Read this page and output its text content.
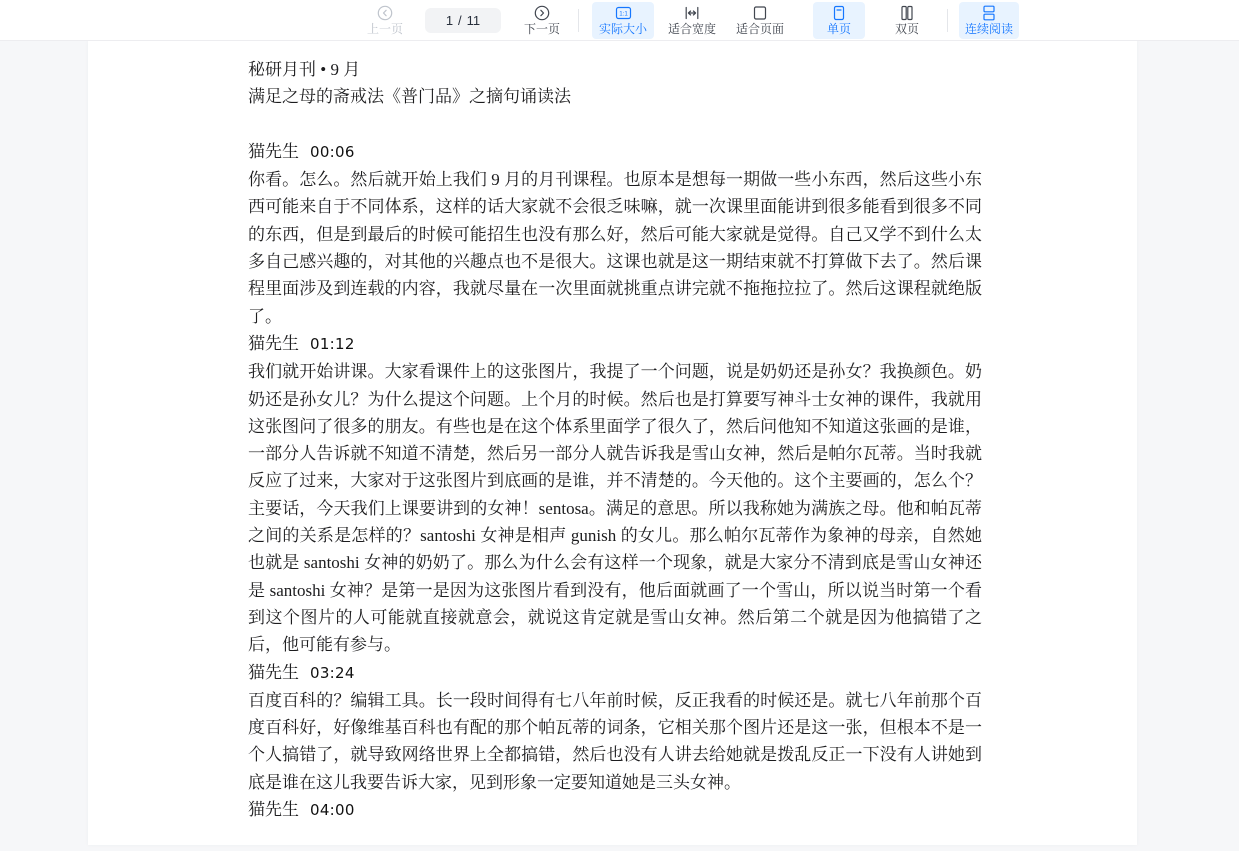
上一页
1 / 11
下一页
1:1
实际大小 适合宽度 适合页面	单页	双页	连续阅读
秘研月刊 • 9 月
满足之母的斋戒法《普门品》之摘句诵读法
猫先生 00:06
你看。怎么。然后就开始上我们 9 月的月刊课程。也原本是想每一期做一些小东西，然后这些小东西可能来自于不同体系，这样的话大家就不会很乏味嘛，就一次课里面能讲到很多能看到很多不同的东西，但是到最后的时候可能招生也没有那么好，然后可能大家就是觉得。自己又学不到什么太多自己感兴趣的，对其他的兴趣点也不是很大。这课也就是这一期结束就不打算做下去了。然后课程里面涉及到连载的内容，我就尽量在一次里面就挑重点讲完就不拖拖拉拉了。然后这课程就绝版了。
猫先生 01:12
我们就开始讲课。大家看课件上的这张图片，我提了一个问题，说是奶奶还是孙女？我换颜色。奶奶还是孙女儿？为什么提这个问题。上个月的时候。然后也是打算要写神斗士女神的课件，我就用这张图问了很多的朋友。有些也是在这个体系里面学了很久了，然后问他知不知道这张画的是谁，一部分人告诉就不知道不清楚，然后另一部分人就告诉我是雪山女神，然后是帕尔瓦蒂。当时我就反应了过来，大家对于这张图片到底画的是谁，并不清楚的。今天他的。这个主要画的，怎么个？主要话，今天我们上课要讲到的女神！sentosa。满足的意思。所以我称她为满族之母。他和帕瓦蒂之间的关系是怎样的？santoshi 女神是相声 gunish 的女儿。那么帕尔瓦蒂作为象神的母亲，自然她也就是 santoshi 女神的奶奶了。那么为什么会有这样一个现象，就是大家分不清到底是雪山女神还是 santoshi 女神？是第一是因为这张图片看到没有，他后面就画了一个雪山，所以说当时第一个看到这个图片的人可能就直接就意会，就说这肯定就是雪山女神。然后第二个就是因为他搞错了之后，他可能有参与。
猫先生 03:24
百度百科的？编辑工具。长一段时间得有七八年前时候，反正我看的时候还是。就七八年前那个百度百科好，好像维基百科也有配的那个帕瓦蒂的词条，它相关那个图片还是这一张，但根本不是一个人搞错了，就导致网络世界上全都搞错，然后也没有人讲去给她就是拨乱反正一下没有人讲她到底是谁在这儿我要告诉大家，见到形象一定要知道她是三头女神。
猫先生 04:00
